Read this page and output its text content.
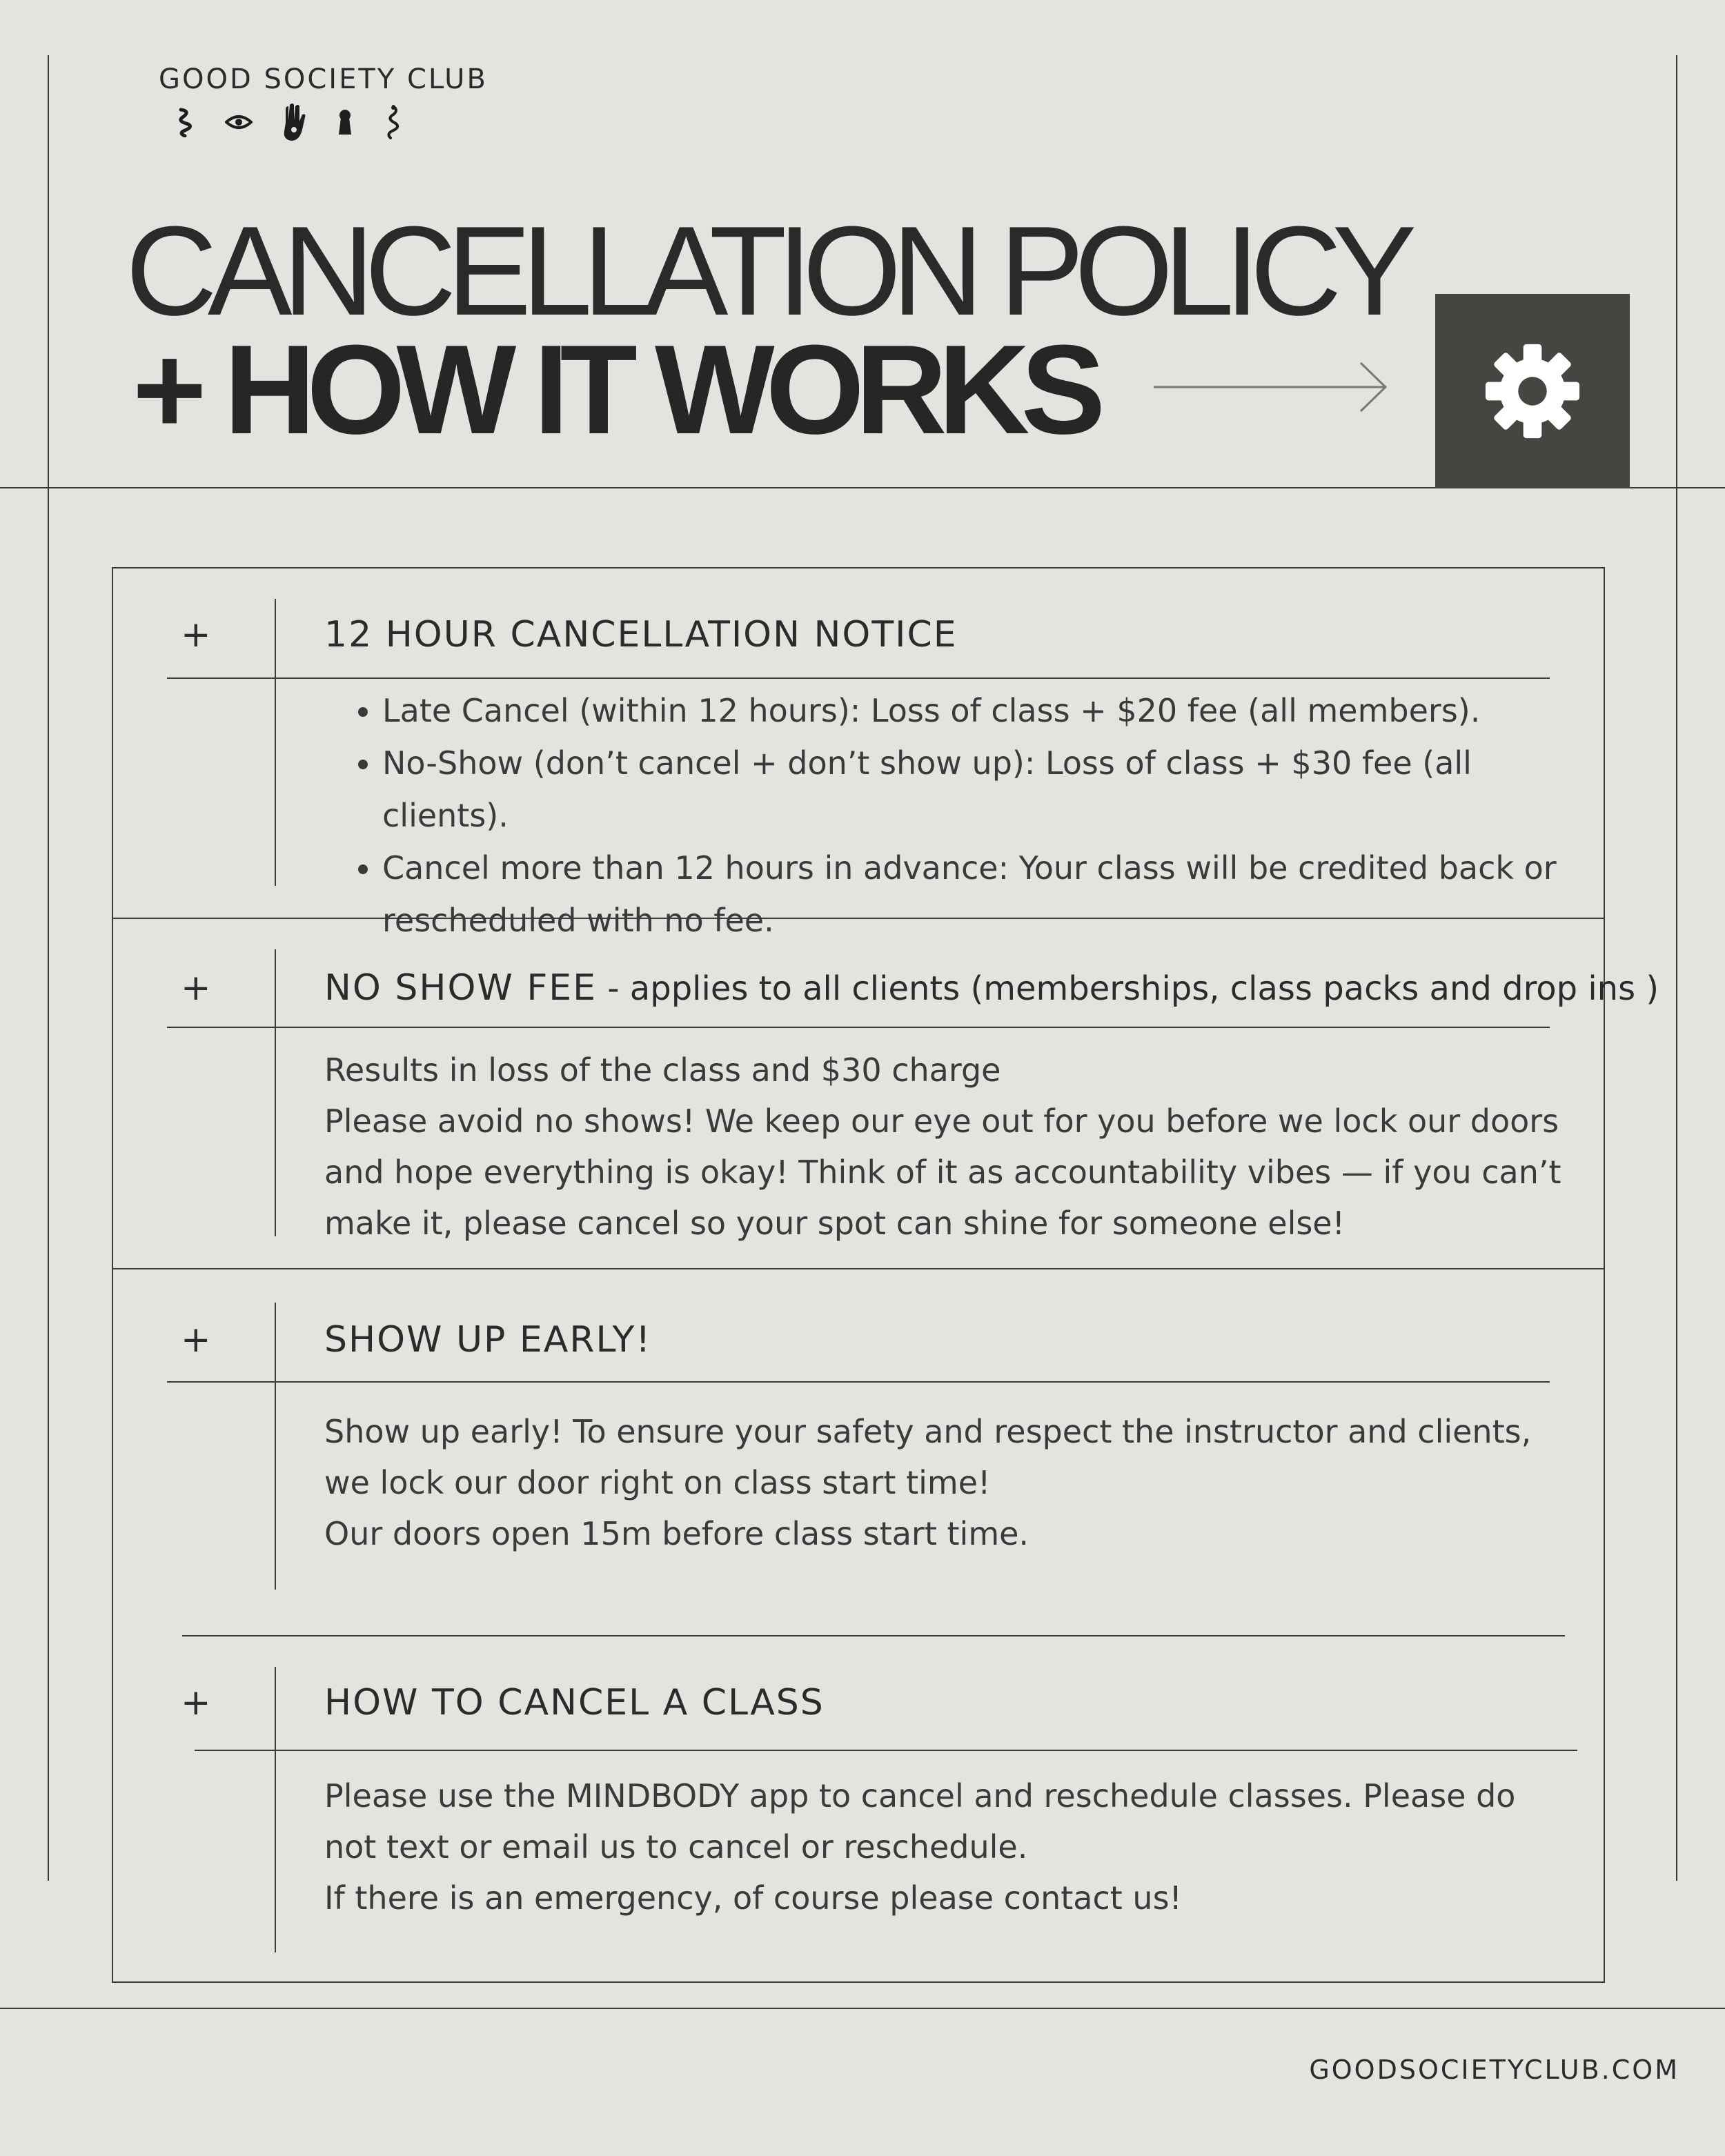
GOOD SOCIETY CLUB
CANCELLATION POLICY
+ HOW IT WORKS
+	12 HOUR CANCELLATION NOTICE
• Late Cancel (within 12 hours): Loss of class + $20 fee (all members).
• No-Show (don’t cancel + don’t show up): Loss of class + $30 fee (all clients).
• Cancel more than 12 hours in advance: Your class will be credited back or rescheduled with no fee.
+	NO SHOW FEE - applies to all clients (memberships, class packs and drop ins )

Results in loss of the class and $30 charge

Please avoid no shows! We keep our eye out for you before we lock our doors and hope everything is okay! Think of it as accountability vibes — if you can’t make it, please cancel so your spot can shine for someone else!

+	SHOW UP EARLY!

Show up early! To ensure your safety and respect the instructor and clients, we lock our door right on class start time!

Our doors open 15m before class start time.

+	HOW TO CANCEL A CLASS

Please use the MINDBODY app to cancel and reschedule classes. Please do not text or email us to cancel or reschedule.

If there is an emergency, of course please contact us!

GOODSOCIETYCLUB.COM
